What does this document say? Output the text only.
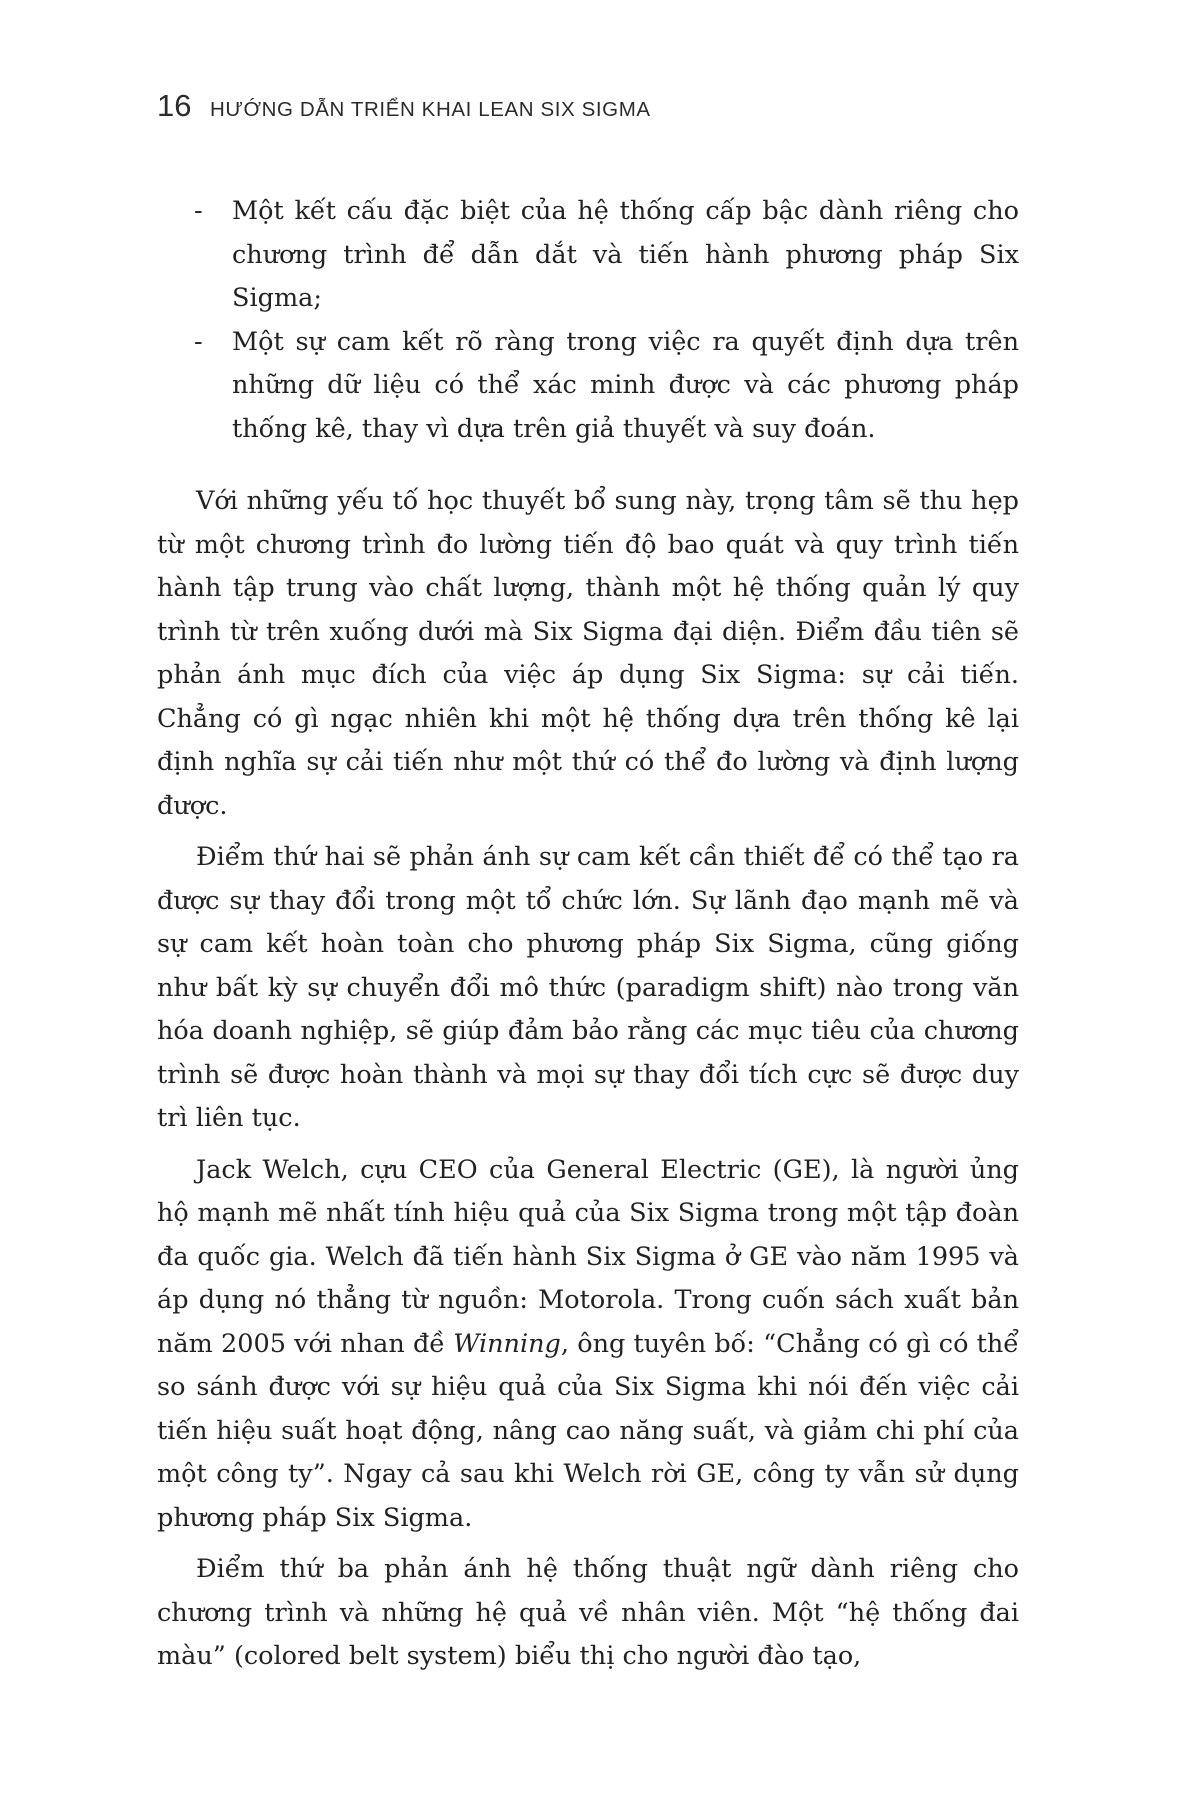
16 HƯỚNG DẪN TRIỂN KHAI LEAN SIX SIGMA
- Một kết cấu đặc biệt của hệ thống cấp bậc dành riêng cho chương trình để dẫn dắt và tiến hành phương pháp Six Sigma;
- Một sự cam kết rõ ràng trong việc ra quyết định dựa trên những dữ liệu có thể xác minh được và các phương pháp thống kê, thay vì dựa trên giả thuyết và suy đoán.

Với những yếu tố học thuyết bổ sung này, trọng tâm sẽ thu hẹp từ một chương trình đo lường tiến độ bao quát và quy trình tiến hành tập trung vào chất lượng, thành một hệ thống quản lý quy trình từ trên xuống dưới mà Six Sigma đại diện. Điểm đầu tiên sẽ phản ánh mục đích của việc áp dụng Six Sigma: sự cải tiến. Chẳng có gì ngạc nhiên khi một hệ thống dựa trên thống kê lại định nghĩa sự cải tiến như một thứ có thể đo lường và định lượng được.

Điểm thứ hai sẽ phản ánh sự cam kết cần thiết để có thể tạo ra được sự thay đổi trong một tổ chức lớn. Sự lãnh đạo mạnh mẽ và sự cam kết hoàn toàn cho phương pháp Six Sigma, cũng giống như bất kỳ sự chuyển đổi mô thức (paradigm shift) nào trong văn hóa doanh nghiệp, sẽ giúp đảm bảo rằng các mục tiêu của chương trình sẽ được hoàn thành và mọi sự thay đổi tích cực sẽ được duy trì liên tục.

Jack Welch, cựu CEO của General Electric (GE), là người ủng hộ mạnh mẽ nhất tính hiệu quả của Six Sigma trong một tập đoàn đa quốc gia. Welch đã tiến hành Six Sigma ở GE vào năm 1995 và áp dụng nó thẳng từ nguồn: Motorola. Trong cuốn sách xuất bản năm 2005 với nhan đề Winning, ông tuyên bố: “Chẳng có gì có thể so sánh được với sự hiệu quả của Six Sigma khi nói đến việc cải tiến hiệu suất hoạt động, nâng cao năng suất, và giảm chi phí của một công ty”. Ngay cả sau khi Welch rời GE, công ty vẫn sử dụng phương pháp Six Sigma.

Điểm thứ ba phản ánh hệ thống thuật ngữ dành riêng cho chương trình và những hệ quả về nhân viên. Một “hệ thống đai màu” (colored belt system) biểu thị cho người đào tạo,
